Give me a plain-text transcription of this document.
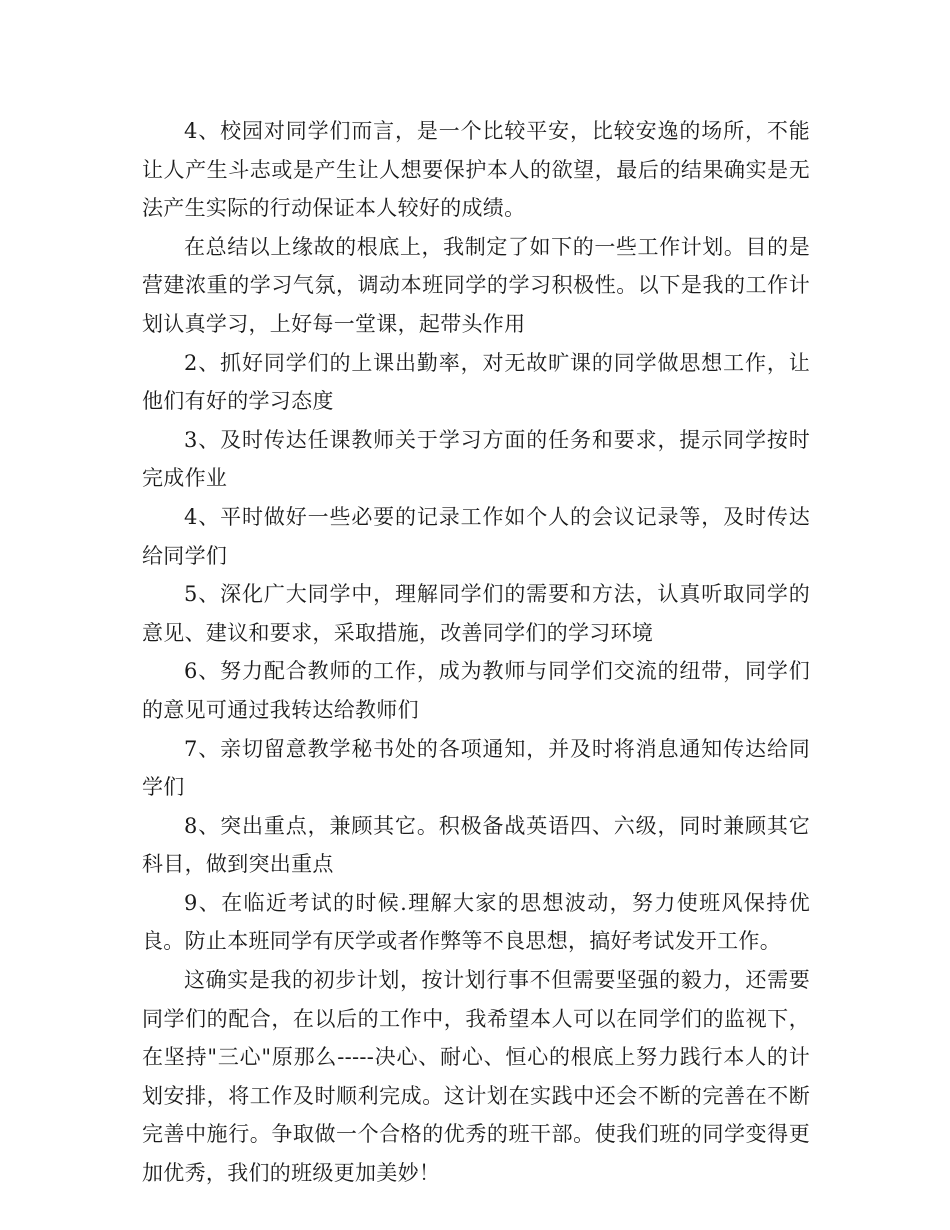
4、校园对同学们而言，是一个比较平安，比较安逸的场所，不能让人产生斗志或是产生让人想要保护本人的欲望，最后的结果确实是无法产生实际的行动保证本人较好的成绩。

在总结以上缘故的根底上，我制定了如下的一些工作计划。目的是营建浓重的学习气氛，调动本班同学的学习积极性。以下是我的工作计划认真学习，上好每一堂课，起带头作用

2、抓好同学们的上课出勤率，对无故旷课的同学做思想工作，让他们有好的学习态度

3、及时传达任课教师关于学习方面的任务和要求，提示同学按时完成作业

4、平时做好一些必要的记录工作如个人的会议记录等，及时传达给同学们

5、深化广大同学中，理解同学们的需要和方法，认真听取同学的意见、建议和要求，采取措施，改善同学们的学习环境

6、努力配合教师的工作，成为教师与同学们交流的纽带，同学们的意见可通过我转达给教师们

7、亲切留意教学秘书处的各项通知，并及时将消息通知传达给同学们

8、突出重点，兼顾其它。积极备战英语四、六级，同时兼顾其它科目，做到突出重点

9、在临近考试的时候.理解大家的思想波动，努力使班风保持优良。防止本班同学有厌学或者作弊等不良思想，搞好考试发开工作。

这确实是我的初步计划，按计划行事不但需要坚强的毅力，还需要同学们的配合，在以后的工作中，我希望本人可以在同学们的监视下，在坚持"三心"原那么-----决心、耐心、恒心的根底上努力践行本人的计划安排，将工作及时顺利完成。这计划在实践中还会不断的完善在不断完善中施行。争取做一个合格的优秀的班干部。使我们班的同学变得更加优秀，我们的班级更加美妙！
